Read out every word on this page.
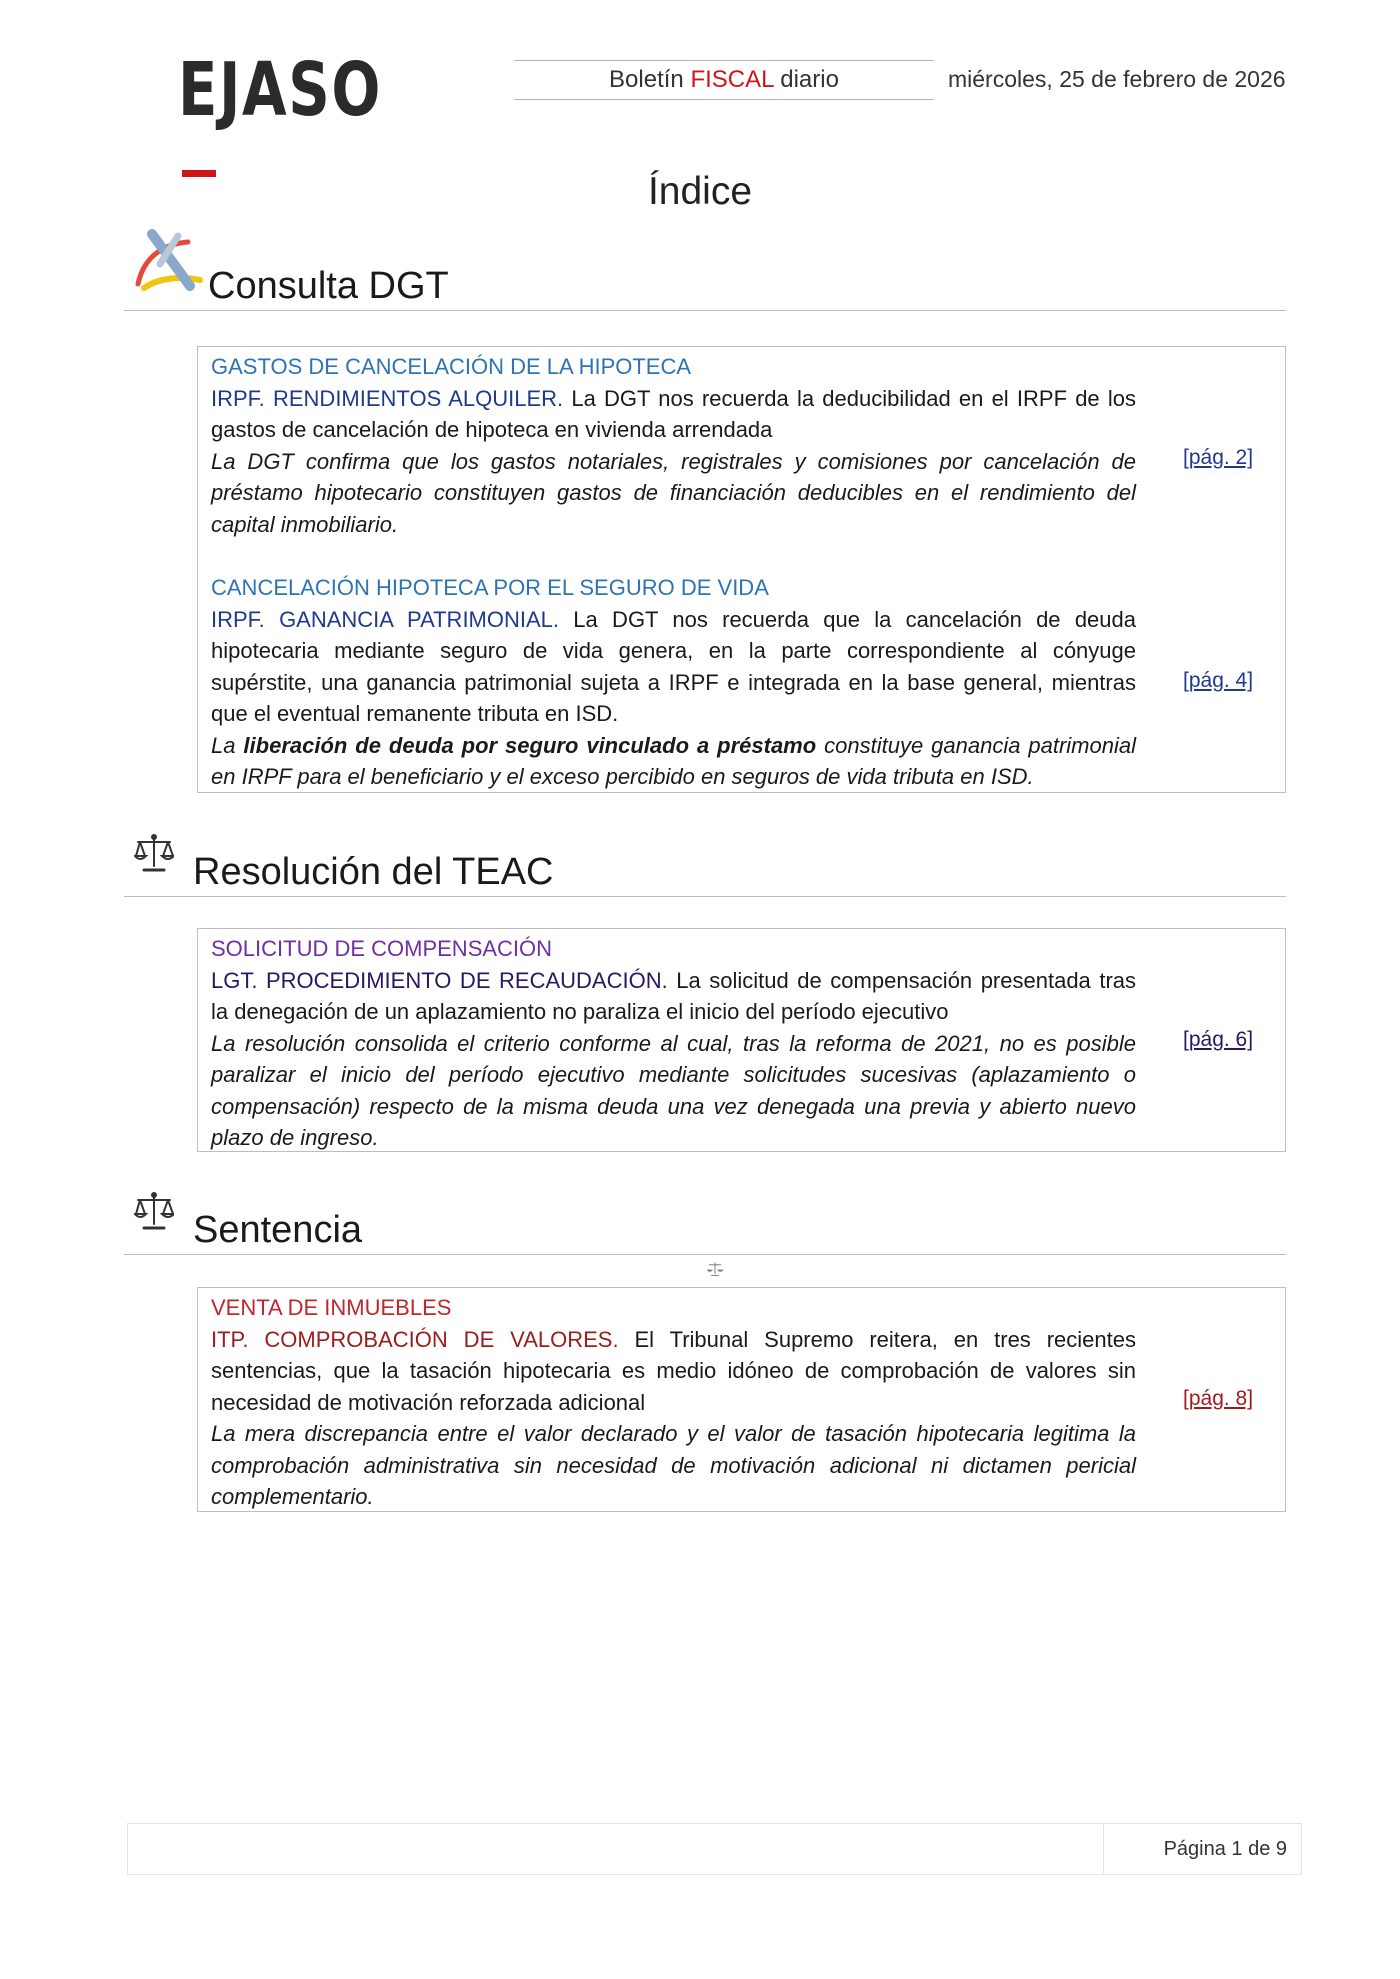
EJASO	Boletín FISCAL diario	miércoles, 25 de febrero de 2026
Índice
Consulta DGT
GASTOS DE CANCELACIÓN DE LA HIPOTECA

IRPF. RENDIMIENTOS ALQUILER. La DGT nos recuerda la deducibilidad en el IRPF de los gastos de cancelación de hipoteca en vivienda arrendada

La DGT confirma que los gastos notariales, registrales y comisiones por cancelación de préstamo hipotecario constituyen gastos de financiación deducibles en el rendimiento del capital inmobiliario.

[pág. 2]
CANCELACIÓN HIPOTECA POR EL SEGURO DE VIDA

IRPF. GANANCIA PATRIMONIAL. La DGT nos recuerda que la cancelación de deuda hipotecaria mediante seguro de vida genera, en la parte correspondiente al cónyuge supérstite, una ganancia patrimonial sujeta a IRPF e integrada en la base general, mientras que el eventual remanente tributa en ISD.

La liberación de deuda por seguro vinculado a préstamo constituye ganancia patrimonial en IRPF para el beneficiario y el exceso percibido en seguros de vida tributa en ISD.

[pág. 4]
Resolución del TEAC
SOLICITUD DE COMPENSACIÓN

LGT. PROCEDIMIENTO DE RECAUDACIÓN. La solicitud de compensación presentada tras la denegación de un aplazamiento no paraliza el inicio del período ejecutivo

La resolución consolida el criterio conforme al cual, tras la reforma de 2021, no es posible paralizar el inicio del período ejecutivo mediante solicitudes sucesivas (aplazamiento o compensación) respecto de la misma deuda una vez denegada una previa y abierto nuevo plazo de ingreso.

[pág. 6]
Sentencia
VENTA DE INMUEBLES

ITP. COMPROBACIÓN DE VALORES. El Tribunal Supremo reitera, en tres recientes sentencias, que la tasación hipotecaria es medio idóneo de comprobación de valores sin necesidad de motivación reforzada adicional

La mera discrepancia entre el valor declarado y el valor de tasación hipotecaria legitima la comprobación administrativa sin necesidad de motivación adicional ni dictamen pericial complementario.

[pág. 8]
Página 1 de 9
